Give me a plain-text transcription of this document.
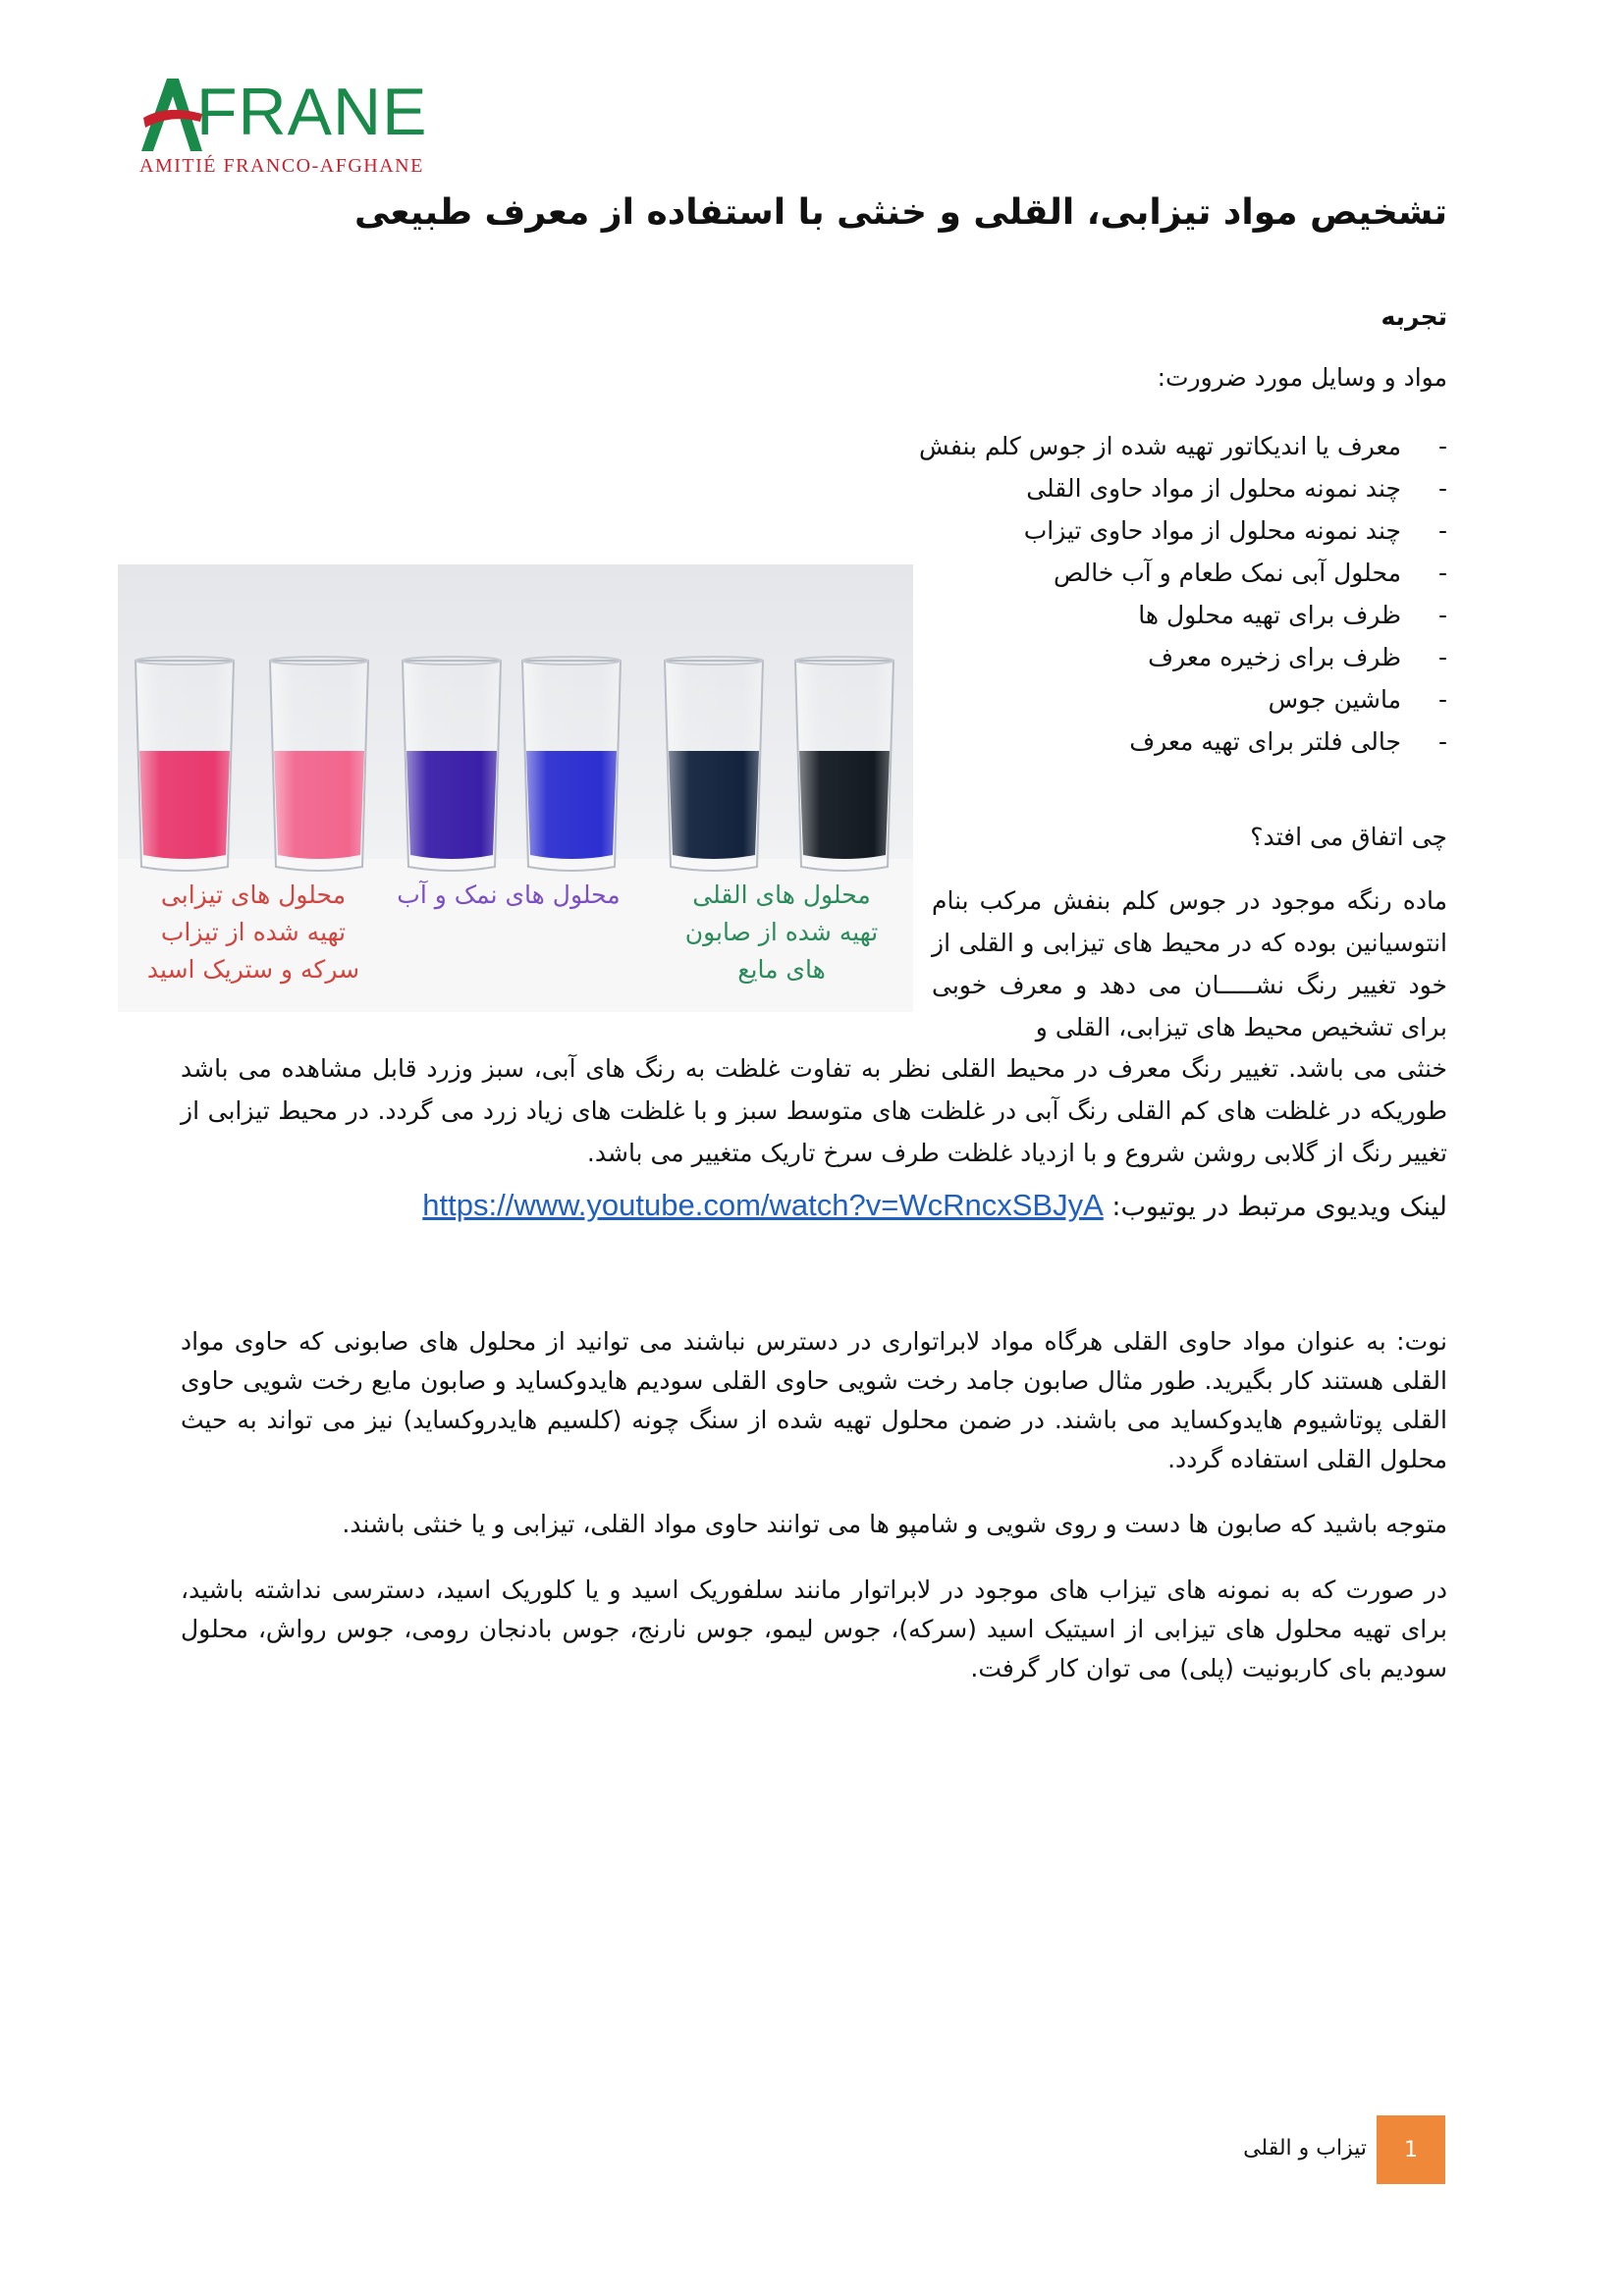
FRANE
AMITIÉ FRANCO-AFGHANE
تشخیص مواد تیزابی، القلی و خنثی با استفاده از معرف طبیعی
تجربه
مواد و وسایل مورد ضرورت:
-
معرف یا اندیکاتور تهیه شده از جوس کلم بنفش
-
چند نمونه محلول از مواد حاوی القلی
-
چند نمونه محلول از مواد حاوی تیزاب
-
محلول آبی نمک طعام و آب خالص
-
ظرف برای تهیه محلول ها
-
ظرف برای زخیره معرف
-
ماشین جوس
-
جالی فلتر برای تهیه معرف
محلول های تیزابی
تهیه شده از تیزاب
سرکه و ستریک اسید
محلول های نمک و آب	محلول های القلی
تهیه شده از صابون
های مایع
چی اتفاق می افتد؟
ماده رنگه موجود در جوس کلم بنفش مرکب بنام انتوسیانین بوده که در محیط های تیزابی و القلی از خود تغییر رنگ نشـــــان می دهد و معرف خوبی برای تشخیص محیط های تیزابی، القلی و
خنثی می باشد. تغییر رنگ معرف در محیط القلی نظر به تفاوت غلظت به رنگ های آبی، سبز وزرد قابل مشاهده می باشد طوریکه در غلظت های کم القلی رنگ آبی در غلظت های متوسط سبز و با غلظت های زیاد زرد می گردد. در محیط تیزابی از تغییر رنگ از گلابی روشن شروع و با ازدیاد غلظت طرف سرخ تاریک متغییر می باشد.
لینک ویدیوی مرتبط در یوتیوب: https://www.youtube.com/watch?v=WcRncxSBJyA
نوت: به عنوان مواد حاوی القلی هرگاه مواد لابراتواری در دسترس نباشند می توانید از محلول های صابونی که حاوی مواد القلی هستند کار بگیرید. طور مثال صابون جامد رخت شویی حاوی القلی سودیم هایدوکساید و صابون مایع رخت شویی حاوی القلی پوتاشیوم هایدوکساید می باشند. در ضمن محلول تهیه شده از سنگ چونه (کلسیم هایدروکساید) نیز می تواند به حیث محلول القلی استفاده گردد.
متوجه باشید که صابون ها دست و روی شویی و شامپو ها می توانند حاوی مواد القلی، تیزابی و یا خنثی باشند.
در صورت که به نمونه های تیزاب های موجود در لابراتوار مانند سلفوریک اسید و یا کلوریک اسید، دسترسی نداشته باشید، برای تهیه محلول های تیزابی از اسیتیک اسید (سرکه)، جوس لیمو، جوس نارنج، جوس بادنجان رومی، جوس رواش، محلول سودیم بای کاربونیت (پلی) می توان کار گرفت.
تیزاب و القلی	1
